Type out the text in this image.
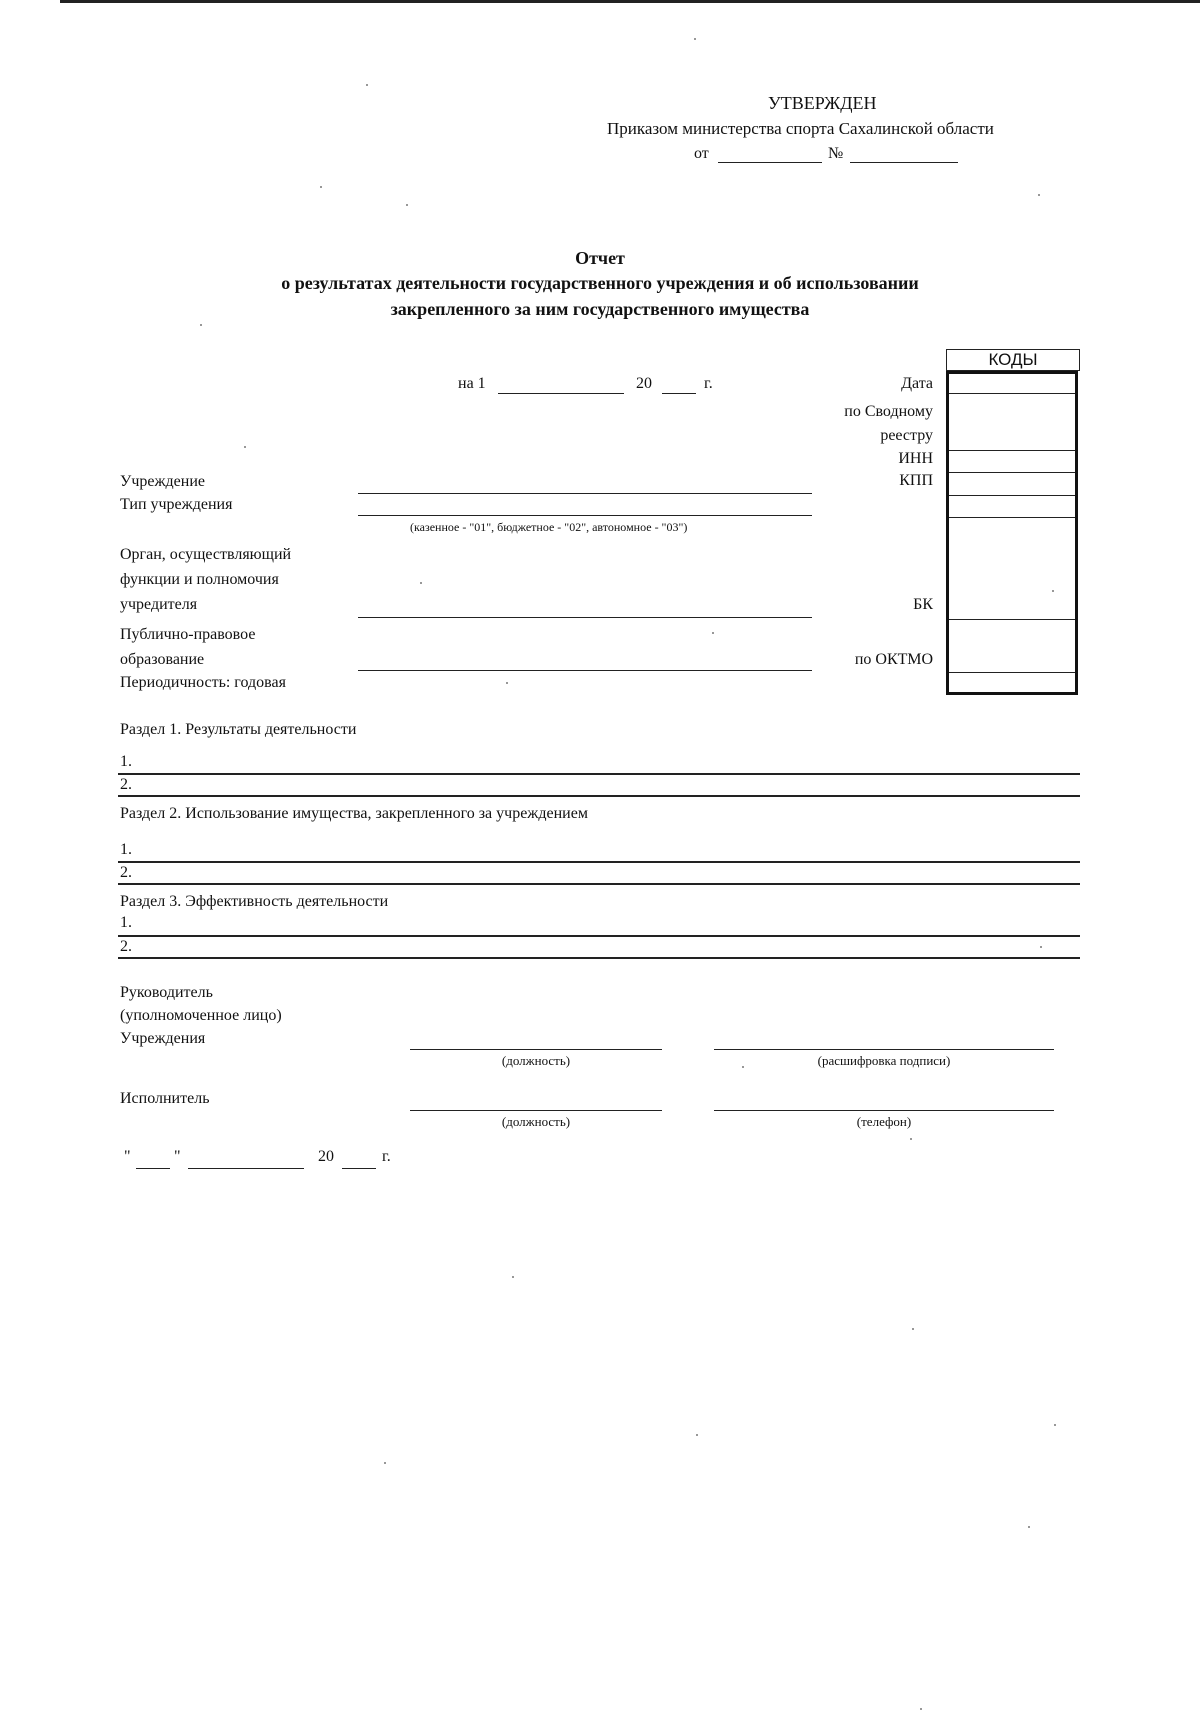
УТВЕРЖДЕН
Приказом министерства спорта Сахалинской области
от	№
Отчет
о результатах деятельности государственного учреждения и об использовании
закрепленного за ним государственного имущества
на 1	20	г.	Дата
по Сводному
реестру
ИНН
КПП
БК
по ОКТМО
КОДЫ
Учреждение
Тип учреждения
(казенное - "01", бюджетное - "02", автономное - "03")
Орган, осуществляющий
функции и полномочия
учредителя
Публично-правовое
образование
Периодичность: годовая
Раздел 1. Результаты деятельности
1.
2.
Раздел 2. Использование имущества, закрепленного за учреждением
1.
2.
Раздел 3. Эффективность деятельности
1.
2.
Руководитель
(уполномоченное лицо)
Учреждения
(должность)	(расшифровка подписи)
Исполнитель
(должность)	(телефон)
"	"	20	г.
